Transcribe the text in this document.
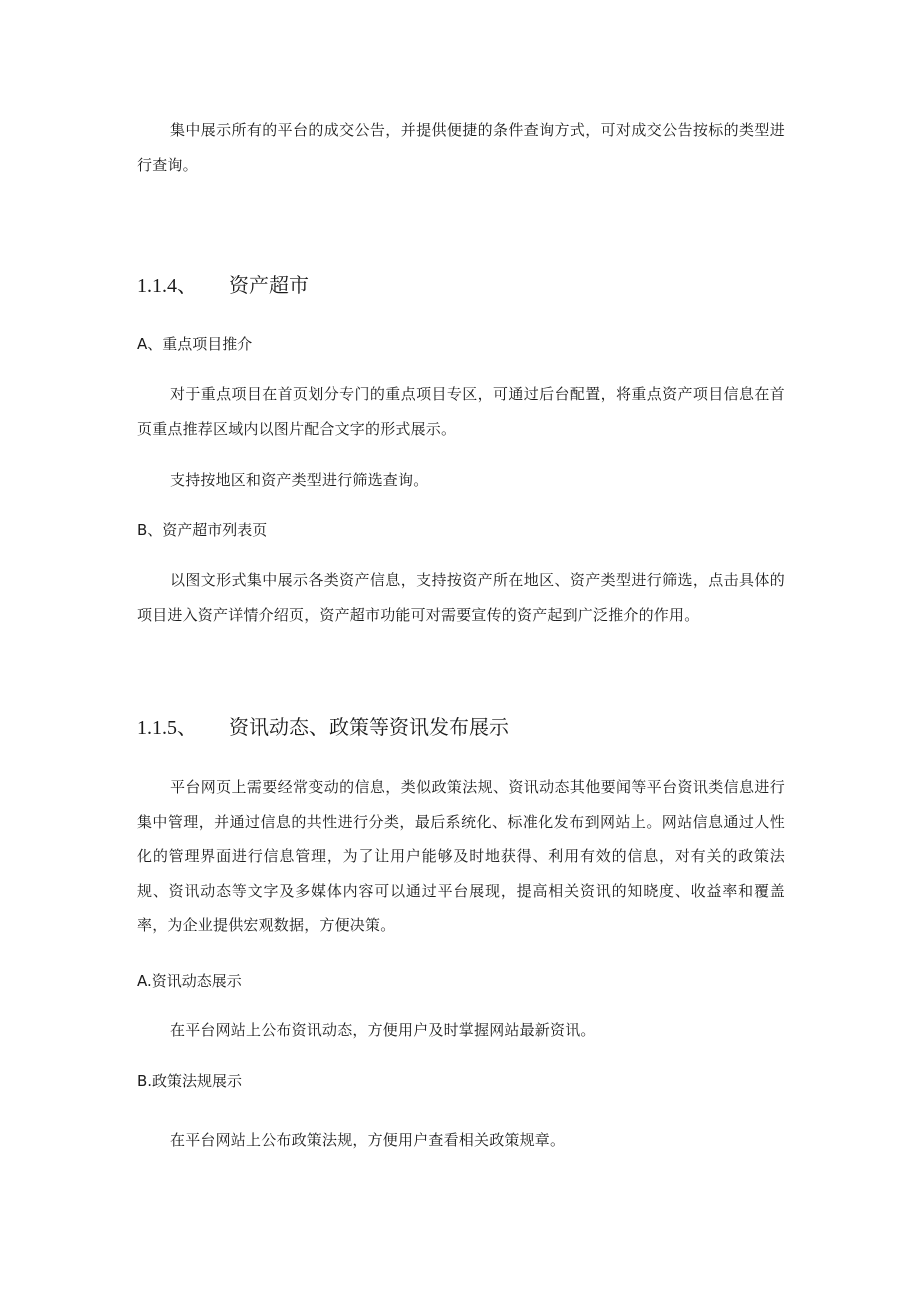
集中展示所有的平台的成交公告，并提供便捷的条件查询方式，可对成交公告按标的类型进行查询。

1.1.4、 资产超市

A、重点项目推介

对于重点项目在首页划分专门的重点项目专区，可通过后台配置，将重点资产项目信息在首页重点推荐区域内以图片配合文字的形式展示。

支持按地区和资产类型进行筛选查询。

B、资产超市列表页

以图文形式集中展示各类资产信息，支持按资产所在地区、资产类型进行筛选，点击具体的项目进入资产详情介绍页，资产超市功能可对需要宣传的资产起到广泛推介的作用。

1.1.5、 资讯动态、政策等资讯发布展示

平台网页上需要经常变动的信息，类似政策法规、资讯动态其他要闻等平台资讯类信息进行集中管理，并通过信息的共性进行分类，最后系统化、标准化发布到网站上。网站信息通过人性化的管理界面进行信息管理，为了让用户能够及时地获得、利用有效的信息，对有关的政策法规、资讯动态等文字及多媒体内容可以通过平台展现，提高相关资讯的知晓度、收益率和覆盖率，为企业提供宏观数据，方便决策。

A.资讯动态展示

在平台网站上公布资讯动态，方便用户及时掌握网站最新资讯。

B.政策法规展示

在平台网站上公布政策法规，方便用户查看相关政策规章。
